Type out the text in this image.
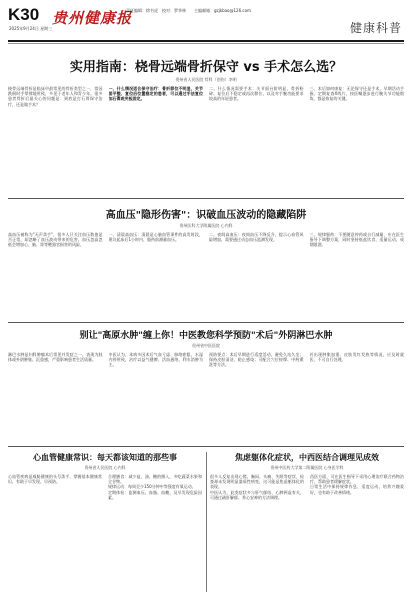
K30
2025年9月24日 星期三
贵州健康报
责任编辑：徐书虎　校对：罗华林　　主编邮箱：gzjkbao@126.com
健康科普
实用指南：桡骨远端骨折保守 vs 手术怎么选？
贵州省人民医院 骨科（创伤）李明

桡骨远端骨折是临床中最常见的骨折类型之一，常因跌倒时手掌撑地所致，多见于老年人和青少年。很多患者骨折后最关心的问题是：到底是打石膏保守治疗，还是做手术？

一、什么情况适合保守治疗：骨折移位不明显、关节面平整、复位后位置稳定的患者，可以通过手法复位加石膏或夹板固定。

二、什么情况需要手术：关节面台阶明显、骨折粉碎、复位后不稳定或再次移位，以及对手腕功能要求较高的年轻患者。

三、术后如何康复：无论保守还是手术，早期活动手指、定期复查X线片、按医嘱逐步进行腕关节功能锻炼，都是恢复的关键。

高血压"隐形伤害"：识破血压波动的隐藏陷阱
贵州医科大学附属医院 心内科

高血压被称为"无声杀手"，很多人只关注血压数值是否正常，却忽略了血压波动带来的危害。血压忽高忽低会增加心、脑、肾等靶器官损害的风险。

一、清晨高血压：清晨是心脑血管事件的高发时段，建议起床后1小时内、服药前测量血压。

二、夜间高血压：夜间血压不降反升，提示心血管风险增加，需要通过动态血压监测发现。

三、规律服药：不要随意停药或自行减量，应在医生指导下调整方案，同时坚持低盐饮食、适量运动、戒烟限酒。

别让"高原水肿"缠上你！中医教您科学预防"术后"外阴淋巴水肿
贵州省中医医院

淋巴水肿是妇科肿瘤术后常见并发症之一，表现为肢体或外阴肿胀、沉重感，严重影响患者生活质量。

中医认为，本病多因术后气血亏虚、脉络瘀阻、水湿内停所致，治疗以益气健脾、活血通络、利水消肿为主。

预防要点：术后早期进行适度活动，避免久站久坐；保持皮肤清洁，防止感染；可配合穴位按摩、中药熏洗等方法。

若出现肿胀加重、皮肤发红发热等情况，应及时就医，不可自行处理。

心血管健康常识：每天都该知道的那些事
贵州省人民医院 心内科

心血管疾病是威胁健康的头号杀手，掌握基本健康常识，有助于早发现、早预防。

合理膳食：减少盐、油、糖的摄入，多吃蔬菜水果和全谷物。

规律运动：每周至少150分钟中等强度有氧运动。

定期体检：监测血压、血脂、血糖，及早发现危险因素。

焦虑躯体化症状，中西医结合调理见成效
贵州中医药大学第二附属医院 心身医学科

很多人反复出现心慌、胸闷、头痛、失眠等症状，检查却未发现明显器质性病变，这可能是焦虑躯体化的表现。

中医认为，此类症状多与肝气郁结、心脾两虚有关，可通过疏肝解郁、养心安神的方法调理。

西医方面，可在医生指导下采用心理治疗联合药物治疗，帮助患者缓解症状。

日常生活中保持规律作息、适度运动、培养兴趣爱好，也有助于改善情绪。
